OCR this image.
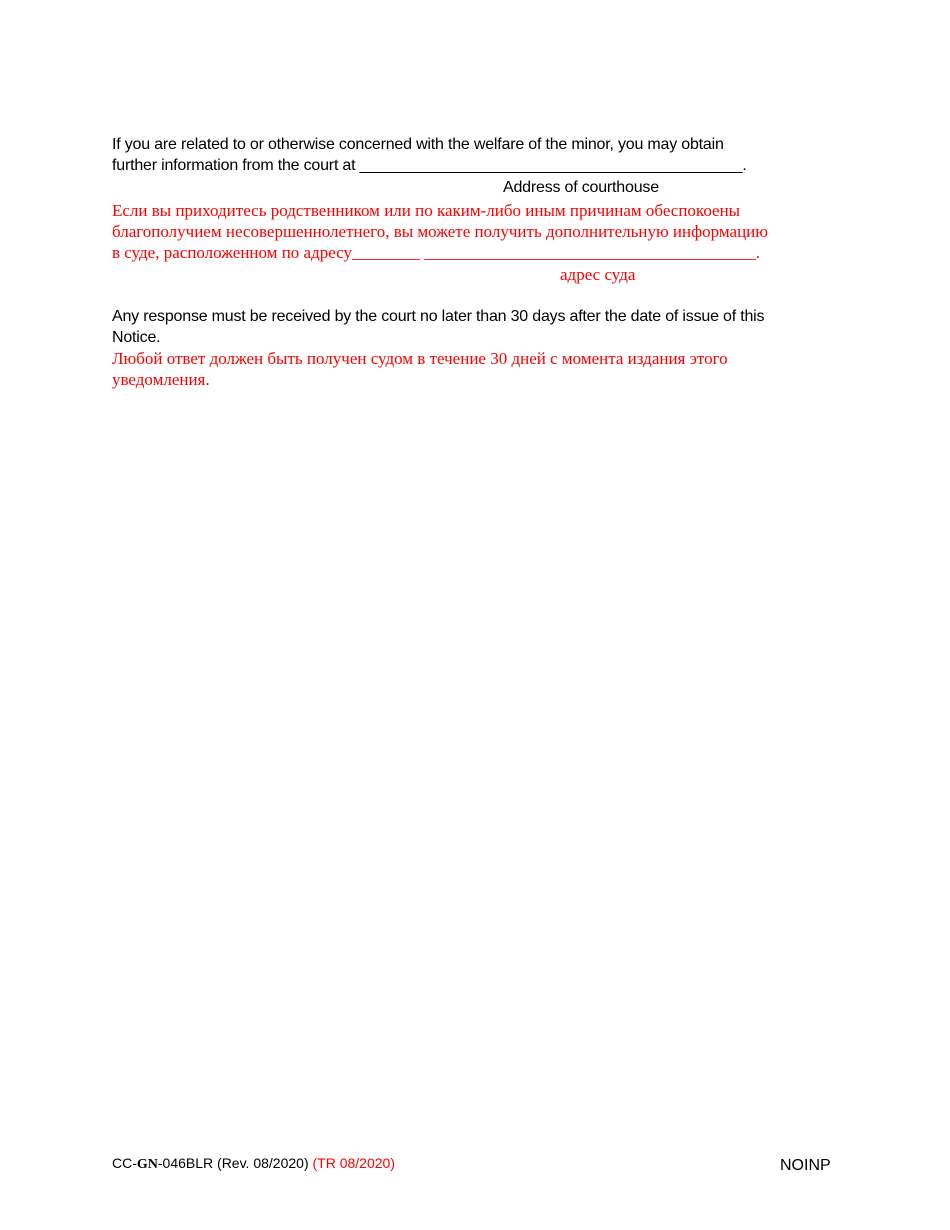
If you are related to or otherwise concerned with the welfare of the minor, you may obtain
further information from the court at ____________________________________________.
Address of courthouse
Если вы приходитесь родственником или по каким-либо иным причинам обеспокоены
благополучием несовершеннолетнего, вы можете получить дополнительную информацию
в суде, расположенном по адресу________ _______________________________________.
адрес суда
Any response must be received by the court no later than 30 days after the date of issue of this
Notice.
Любой ответ должен быть получен судом в течение 30 дней с момента издания этого
уведомления.
CC-GN-046BLR (Rev. 08/2020) (TR 08/2020)	NOINP
